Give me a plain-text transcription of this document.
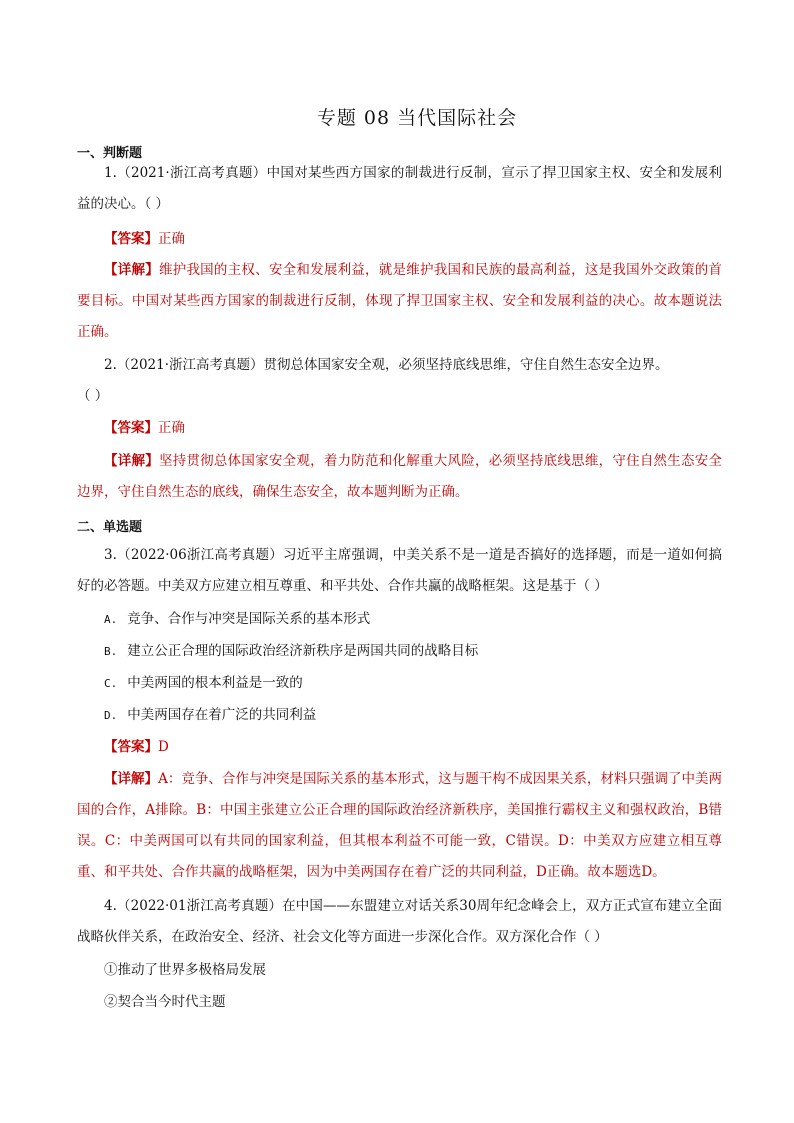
专题 08 当代国际社会
一、判断题
1.（2021·浙江高考真题）中国对某些西方国家的制裁进行反制，宣示了捍卫国家主权、安全和发展利益的决心。（ ）
【答案】正确
【详解】维护我国的主权、安全和发展利益，就是维护我国和民族的最高利益，这是我国外交政策的首要目标。中国对某些西方国家的制裁进行反制，体现了捍卫国家主权、安全和发展利益的决心。故本题说法正确。
2.（2021·浙江高考真题）贯彻总体国家安全观，必须坚持底线思维，守住自然生态安全边界。
（ ）
【答案】正确
【详解】坚持贯彻总体国家安全观，着力防范和化解重大风险，必须坚持底线思维，守住自然生态安全边界，守住自然生态的底线，确保生态安全，故本题判断为正确。
二、单选题
3.（2022·06浙江高考真题）习近平主席强调，中美关系不是一道是否搞好的选择题，而是一道如何搞好的必答题。中美双方应建立相互尊重、和平共处、合作共赢的战略框架。这是基于（ ）
A. 竞争、合作与冲突是国际关系的基本形式
B. 建立公正合理的国际政治经济新秩序是两国共同的战略目标
C. 中美两国的根本利益是一致的
D. 中美两国存在着广泛的共同利益
【答案】D
【详解】A：竞争、合作与冲突是国际关系的基本形式，这与题干构不成因果关系，材料只强调了中美两国的合作，A排除。B：中国主张建立公正合理的国际政治经济新秩序，美国推行霸权主义和强权政治，B错误。C：中美两国可以有共同的国家利益，但其根本利益不可能一致，C错误。D：中美双方应建立相互尊重、和平共处、合作共赢的战略框架，因为中美两国存在着广泛的共同利益，D正确。故本题选D。
4.（2022·01浙江高考真题）在中国——东盟建立对话关系30周年纪念峰会上，双方正式宣布建立全面战略伙伴关系，在政治安全、经济、社会文化等方面进一步深化合作。双方深化合作（ ）
①推动了世界多极格局发展
②契合当今时代主题
